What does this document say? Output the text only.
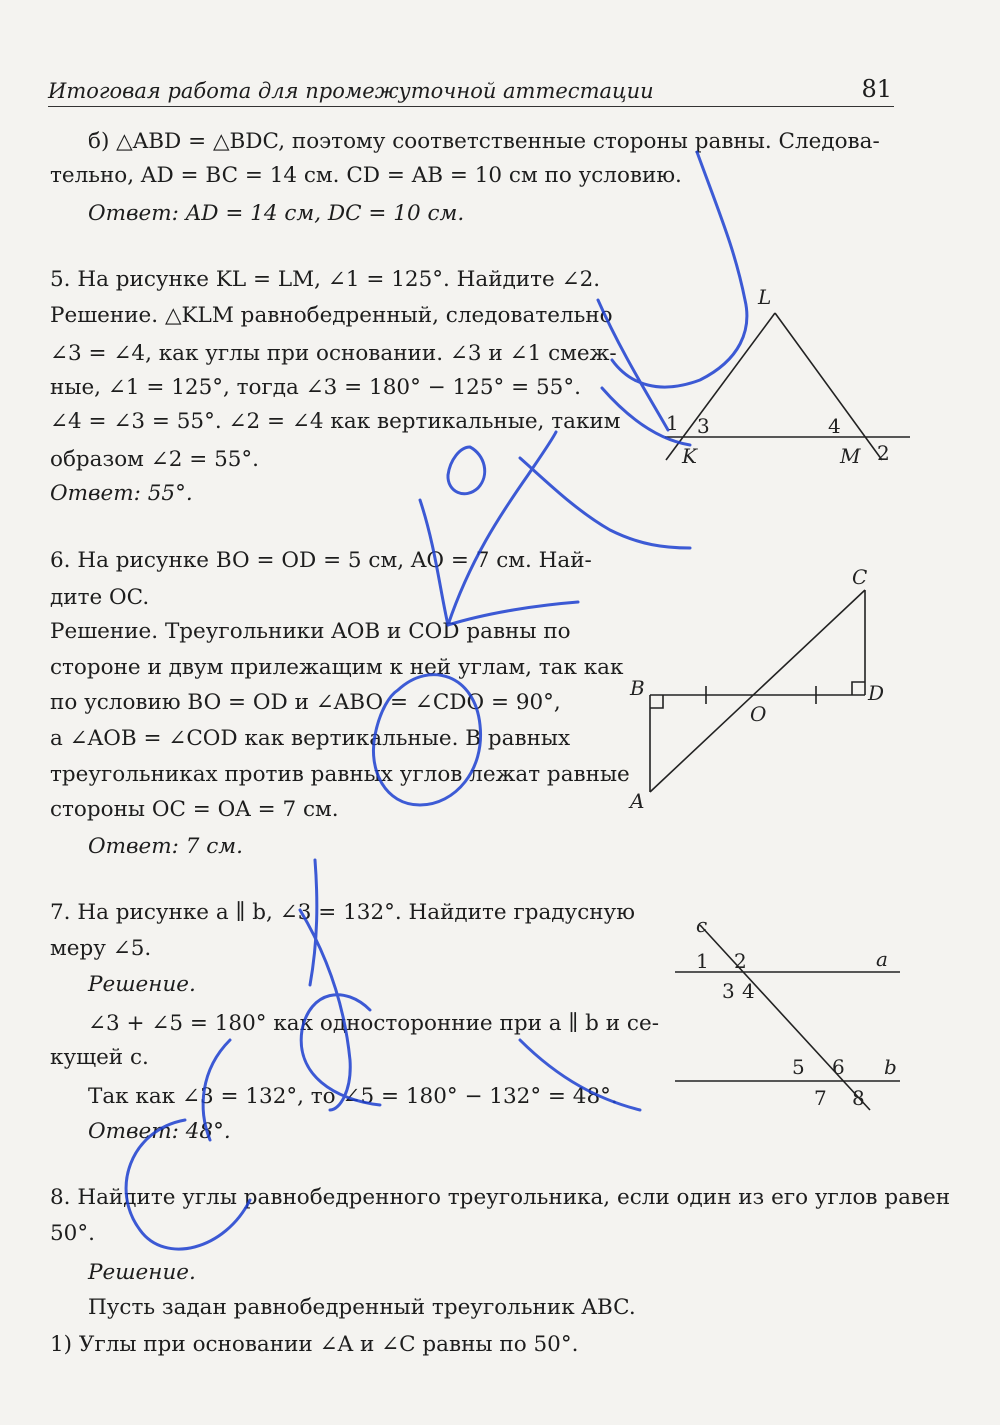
Итоговая работа для промежуточной аттестации	81
б) △ABD = △BDC, поэтому соответственные стороны равны. Следова-
тельно, AD = BC = 14 см. CD = AB = 10 см по условию.
Ответ: AD = 14 см, DC = 10 см.
5. На рисунке KL = LM, ∠1 = 125°. Найдите ∠2.
Решение. △KLM равнобедренный, следовательно
∠3 = ∠4, как углы при основании. ∠3 и ∠1 смеж-
ные, ∠1 = 125°, тогда ∠3 = 180° − 125° = 55°.
∠4 = ∠3 = 55°. ∠2 = ∠4 как вертикальные, таким
образом ∠2 = 55°.
Ответ: 55°.
6. На рисунке BO = OD = 5 см, AO = 7 см. Най-
дите OC.
Решение. Треугольники AOB и COD равны по
стороне и двум прилежащим к ней углам, так как
по условию BO = OD и ∠ABO = ∠CDO = 90°,
а ∠AOB = ∠COD как вертикальные. В равных
треугольниках против равных углов лежат равные
стороны OC = OA = 7 см.
Ответ: 7 см.
7. На рисунке a ∥ b, ∠3 = 132°. Найдите градусную
меру ∠5.
Решение.
∠3 + ∠5 = 180° как односторонние при a ∥ b и се-
кущей c.
Так как ∠3 = 132°, то ∠5 = 180° − 132° = 48°.
Ответ: 48°.
8. Найдите углы равнобедренного треугольника, если один из его углов равен
50°.
Решение.
Пусть задан равнобедренный треугольник ABC.
1) Углы при основании ∠A и ∠C равны по 50°.
L
1 3	4
K	M 2
C
B	D
O
A
c
1 2	a
3 4
5 6 b
7 8
